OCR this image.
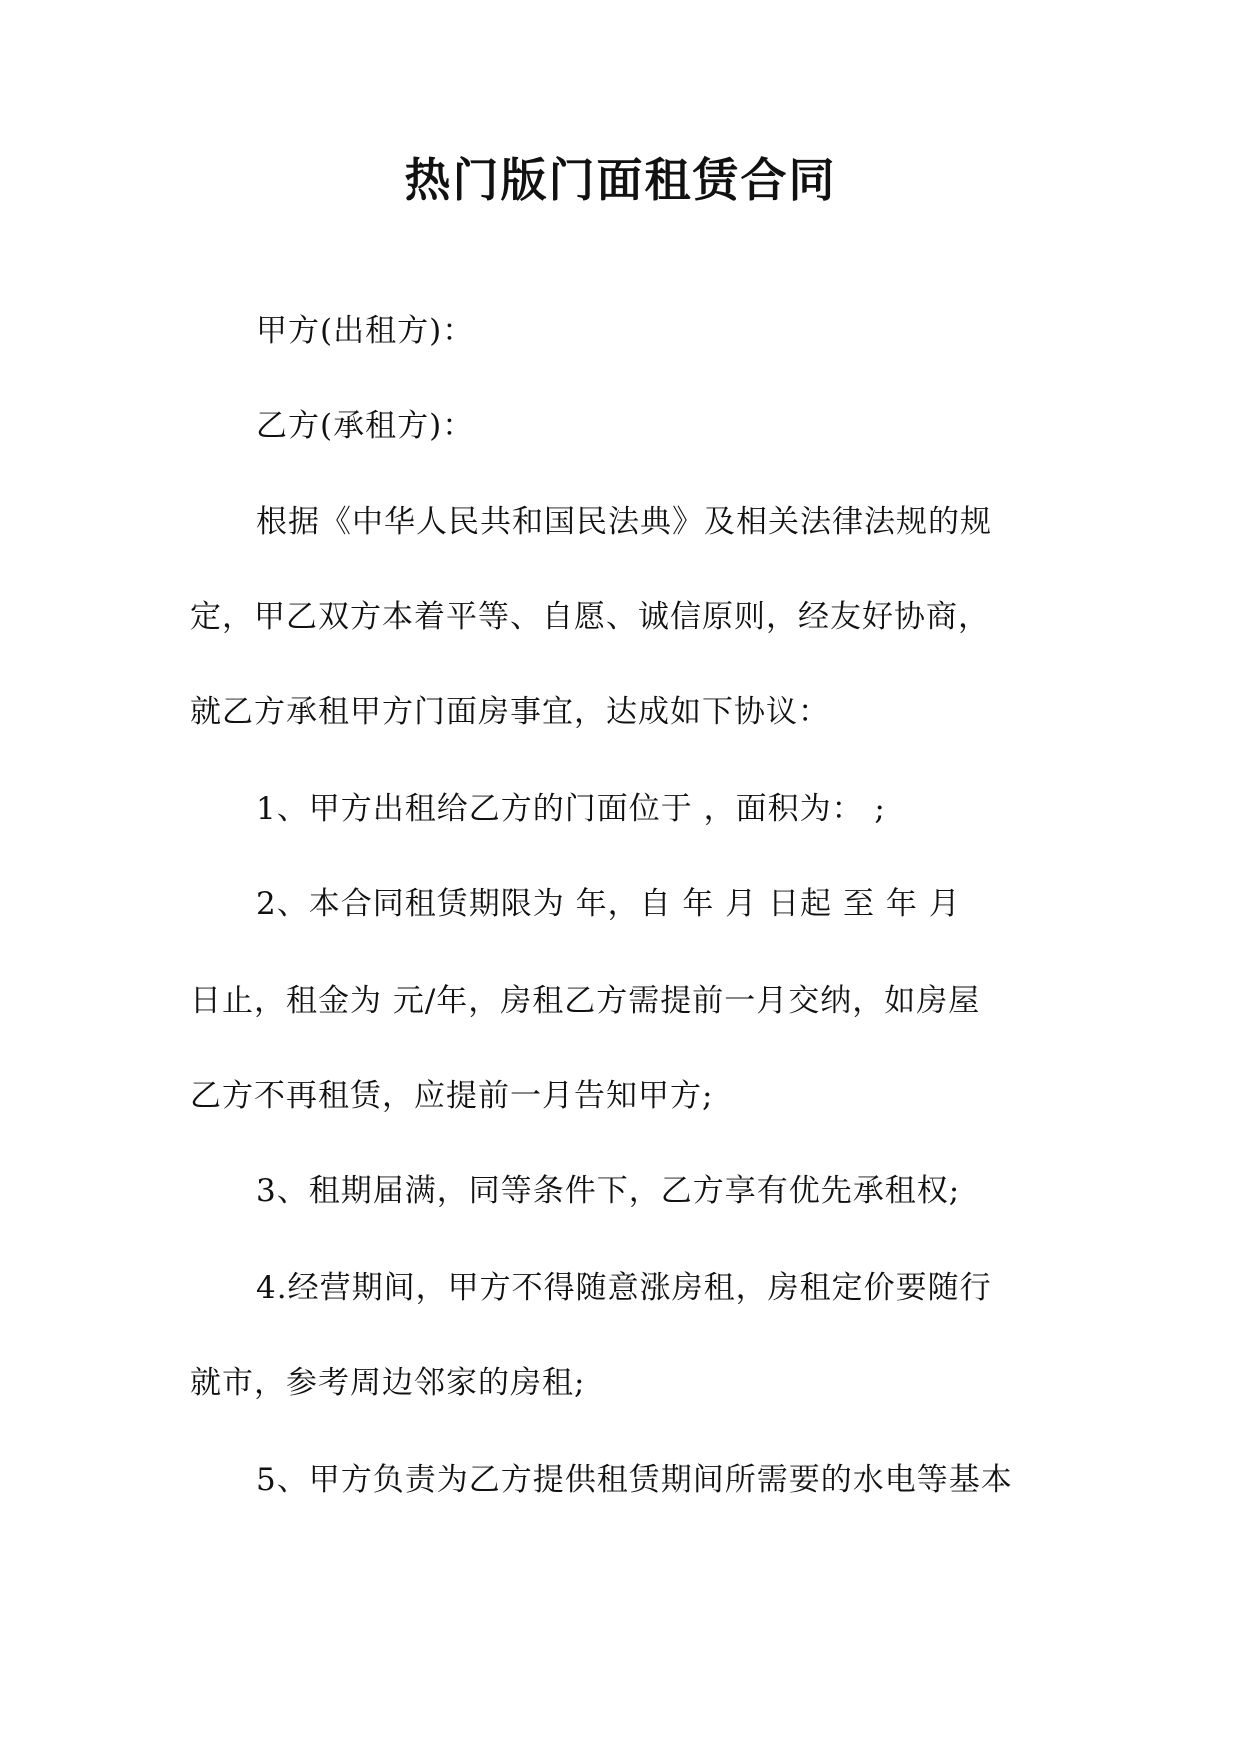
热门版门面租赁合同
甲方(出租方)：
乙方(承租方)：
根据《中华人民共和国民法典》及相关法律法规的规
定，甲乙双方本着平等、自愿、诚信原则，经友好协商，
就乙方承租甲方门面房事宜，达成如下协议：
1、甲方出租给乙方的门面位于 ，面积为： ;
2、本合同租赁期限为 年，自 年 月 日起 至 年 月
日止，租金为 元/年，房租乙方需提前一月交纳，如房屋
乙方不再租赁，应提前一月告知甲方;
3、租期届满，同等条件下，乙方享有优先承租权;
4.经营期间，甲方不得随意涨房租，房租定价要随行
就市，参考周边邻家的房租;
5、甲方负责为乙方提供租赁期间所需要的水电等基本
